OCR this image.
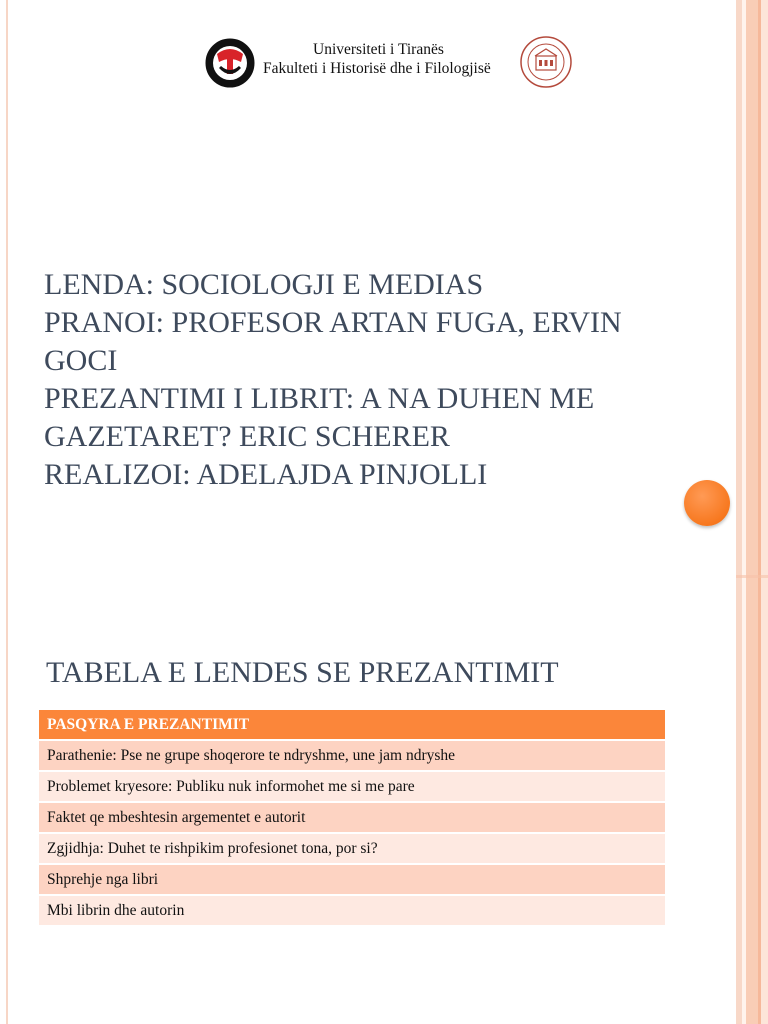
Universiteti i Tiranës
Fakulteti i Historisë dhe i Filologjisë
LENDA: SOCIOLOGJI E MEDIAS
PRANOI: PROFESOR ARTAN FUGA, ERVIN
GOCI
PREZANTIMI I LIBRIT: A NA DUHEN ME
GAZETARET? ERIC SCHERER
REALIZOI: ADELAJDA PINJOLLI
TABELA E LENDES SE PREZANTIMIT
PASQYRA E PREZANTIMIT
Parathenie: Pse ne grupe shoqerore te ndryshme, une jam ndryshe
Problemet kryesore: Publiku nuk informohet me si me pare
Faktet qe mbeshtesin argementet e autorit
Zgjidhja: Duhet te rishpikim profesionet tona, por si?
Shprehje nga libri
Mbi librin dhe autorin
